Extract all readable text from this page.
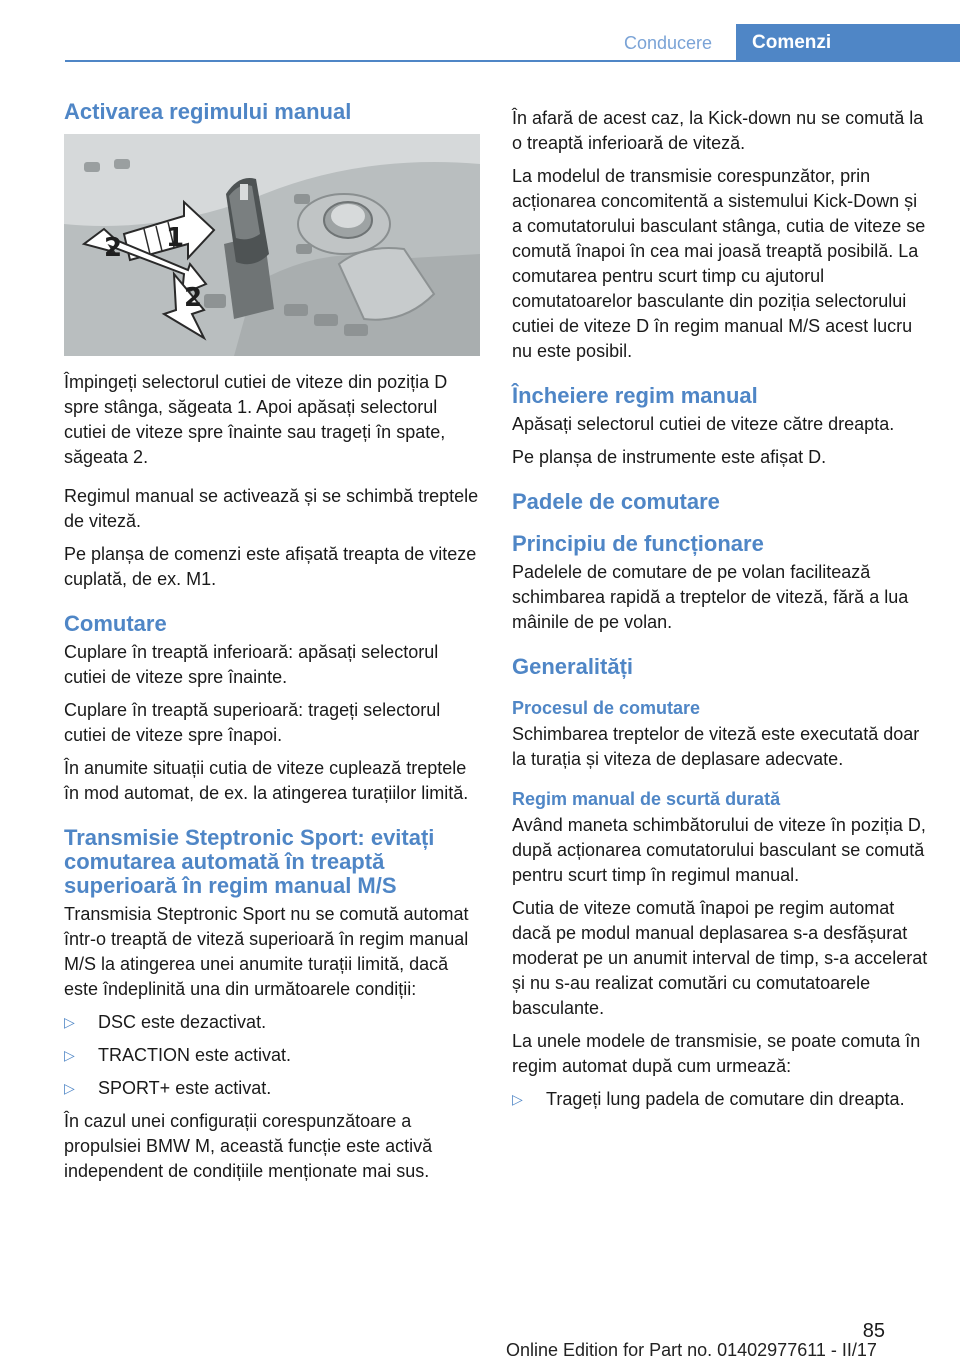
Conducere	Comenzi
Activarea regimului manual
2 1
2

Împingeți selectorul cutiei de viteze din poziția D spre stânga, săgeata 1. Apoi apăsați selectorul cutiei de viteze spre înainte sau trageți în spate, săgeata 2.

Regimul manual se activează și se schimbă treptele de viteză.

Pe planșa de comenzi este afișată treapta de viteze cuplată, de ex. M1.

Comutare

Cuplare în treaptă inferioară: apăsați selectorul cutiei de viteze spre înainte.

Cuplare în treaptă superioară: trageți selectorul cutiei de viteze spre înapoi.

În anumite situații cutia de viteze cuplează treptele în mod automat, de ex. la atingerea turațiilor limită.

Transmisie Steptronic Sport: evitați comutarea automată în treaptă superioară în regim manual M/S

Transmisia Steptronic Sport nu se comută automat într-o treaptă de viteză superioară în regim manual M/S la atingerea unei anumite turații limită, dacă este îndeplinită una din următoarele condiții:

▷ DSC este dezactivat.
▷ TRACTION este activat.
▷ SPORT+ este activat.

În cazul unei configurații corespunzătoare a propulsiei BMW M, această funcție este activă independent de condițiile menționate mai sus.

În afară de acest caz, la Kick-down nu se comută la o treaptă inferioară de viteză.

La modelul de transmisie corespunzător, prin acționarea concomitentă a sistemului Kick-Down și a comutatorului basculant stânga, cutia de viteze se comută înapoi în cea mai joasă treaptă posibilă. La comutarea pentru scurt timp cu ajutorul comutatoarelor basculante din poziția selectorului cutiei de viteze D în regim manual M/S acest lucru nu este posibil.

Încheiere regim manual

Apăsați selectorul cutiei de viteze către dreapta.

Pe planșa de instrumente este afișat D.

Padele de comutare
Principiu de funcționare

Padelele de comutare de pe volan facilitează schimbarea rapidă a treptelor de viteză, fără a lua mâinile de pe volan.

Generalități
Procesul de comutare

Schimbarea treptelor de viteză este executată doar la turația și viteza de deplasare adecvate.

Regim manual de scurtă durată

Având maneta schimbătorului de viteze în poziția D, după acționarea comutatorului basculant se comută pentru scurt timp în regimul manual.

Cutia de viteze comută înapoi pe regim automat dacă pe modul manual deplasarea s-a desfășurat moderat pe un anumit interval de timp, s-a accelerat și nu s-au realizat comutări cu comutatoarele basculante.

La unele modele de transmisie, se poate comuta în regim automat după cum urmează:

▷ Trageți lung padela de comutare din dreapta.
85
Online Edition for Part no. 01402977611 - II/17
